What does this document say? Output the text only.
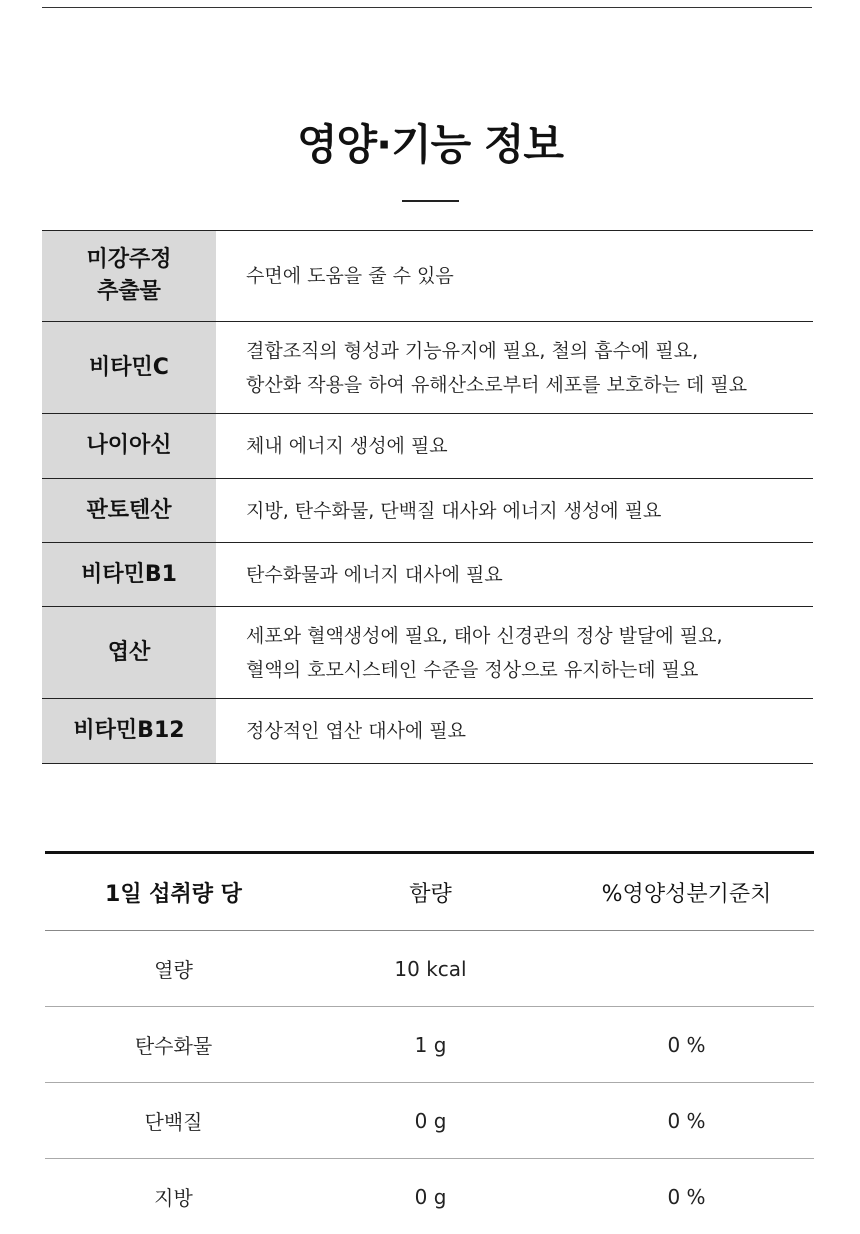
영양·기능 정보
미강주정
추출물	수면에 도움을 줄 수 있음

비타민C	결합조직의 형성과 기능유지에 필요, 철의 흡수에 필요,
항산화 작용을 하여 유해산소로부터 세포를 보호하는 데 필요

나이아신	체내 에너지 생성에 필요

판토텐산	지방, 탄수화물, 단백질 대사와 에너지 생성에 필요

비타민B1	탄수화물과 에너지 대사에 필요

엽산	세포와 혈액생성에 필요, 태아 신경관의 정상 발달에 필요,
혈액의 호모시스테인 수준을 정상으로 유지하는데 필요

비타민B12	정상적인 엽산 대사에 필요
1일 섭취량 당	함량	%영양성분기준치
열량	10 kcal	
탄수화물	1 g	0 %
단백질	0 g	0 %
지방	0 g	0 %
